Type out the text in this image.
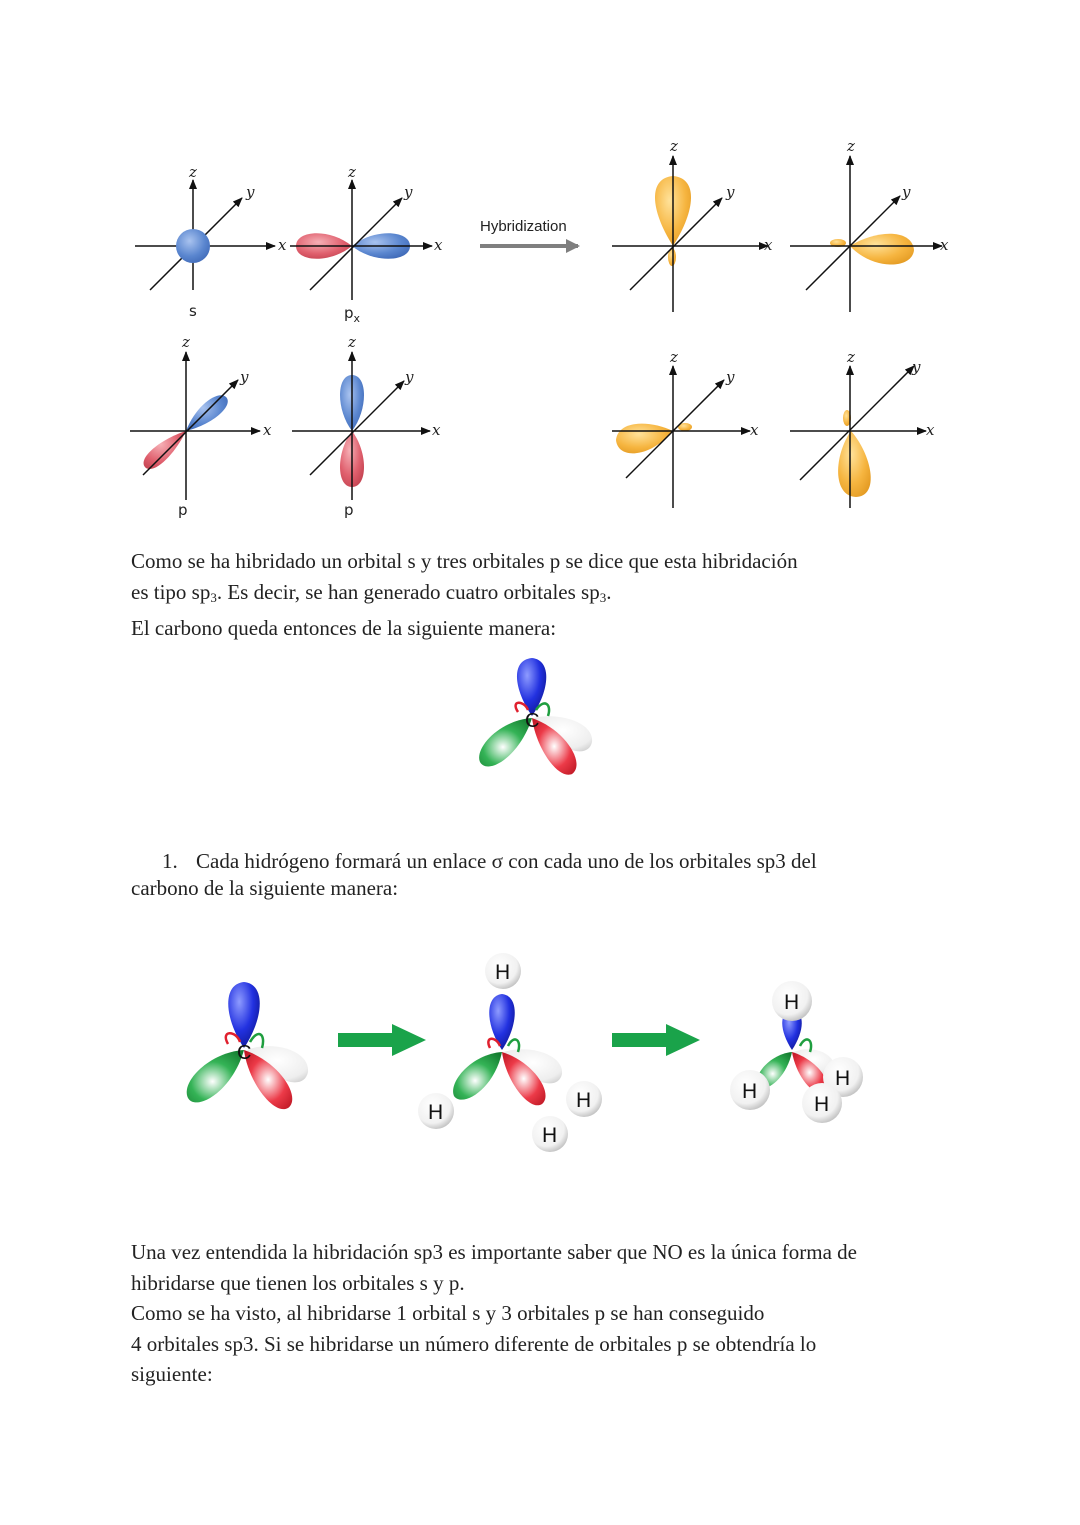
x
z
y
s
x
z
y
$p_x$
x
z
y
p
x
z
y
p
Hybridization
x
z
y
x
z
y
x
z
y
x
z
y
Como se ha hibridado un orbital s y tres orbitales p se dice que esta hibridación
es tipo $sp_3$. Es decir, se han generado cuatro orbitales $sp_3$.
El carbono queda entonces de la siguiente manera:
C
1. Cada hidrógeno formará un enlace σ con cada uno de los orbitales sp3 del
carbono de la siguiente manera:
C
H
H
H
H
H
H
H
H
Una vez entendida la hibridación sp3 es importante saber que NO es la única forma de
hibridarse que tienen los orbitales s y p.
Como se ha visto, al hibridarse 1 orbital s y 3 orbitales p se han conseguido
4 orbitales sp3. Si se hibridarse un número diferente de orbitales p se obtendría lo
siguiente:
